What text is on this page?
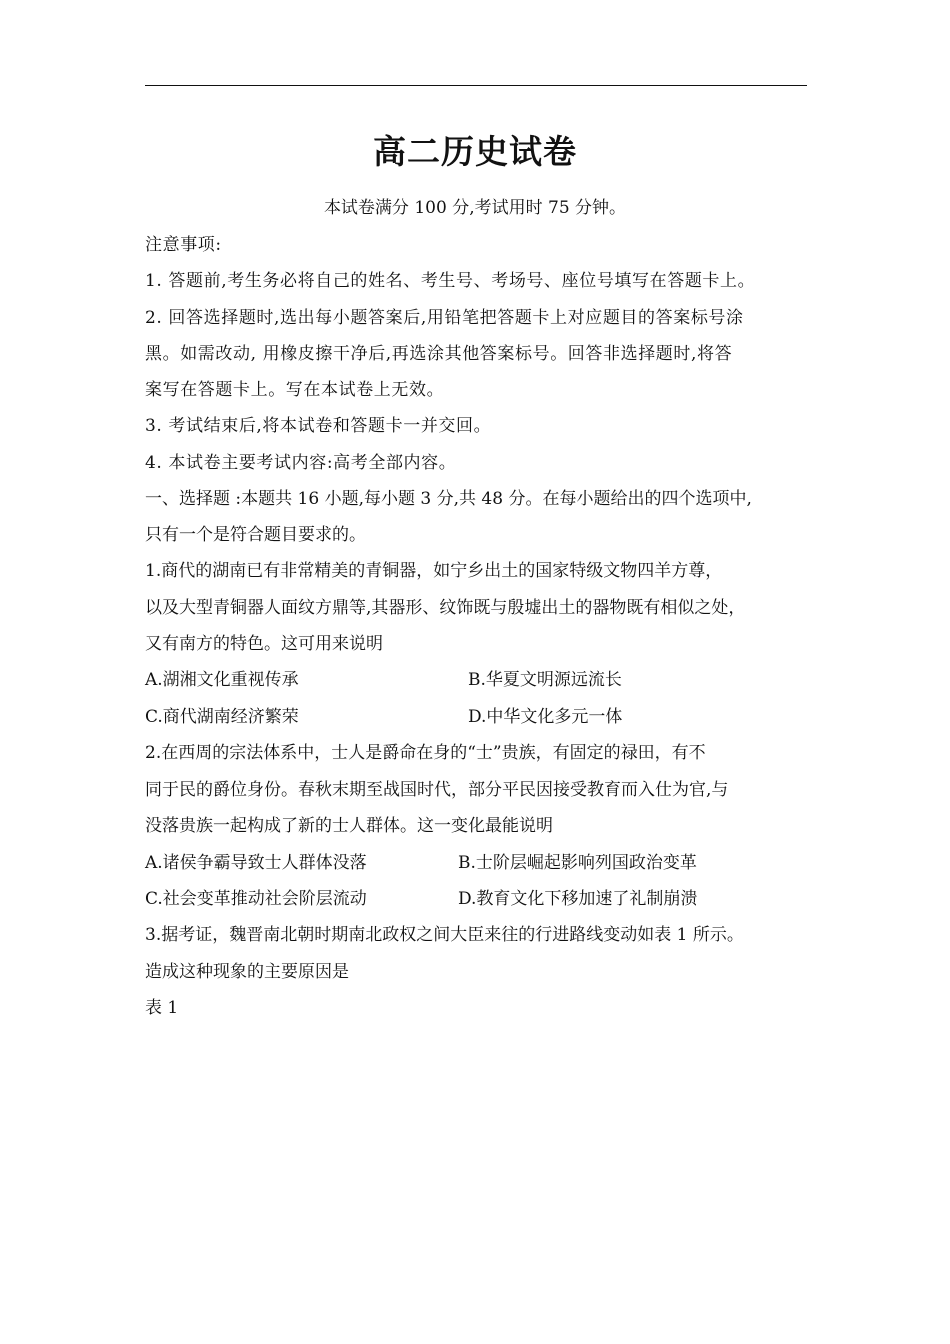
高二历史试卷
本试卷满分 100 分,考试用时 75 分钟。
注意事项:
1. 答题前,考生务必将自己的姓名、考生号、考场号、座位号填写在答题卡上。
2. 回答选择题时,选出每小题答案后,用铅笔把答题卡上对应题目的答案标号涂
黑。如需改动, 用橡皮擦干净后,再选涂其他答案标号。回答非选择题时,将答
案写在答题卡上。写在本试卷上无效。
3. 考试结束后,将本试卷和答题卡一并交回。
4. 本试卷主要考试内容:高考全部内容。
一、选择题 :本题共 16 小题,每小题 3 分,共 48 分。在每小题给出的四个选项中,
只有一个是符合题目要求的。
1.商代的湖南已有非常精美的青铜器，如宁乡出土的国家特级文物四羊方尊，
以及大型青铜器人面纹方鼎等,其器形、纹饰既与殷墟出土的器物既有相似之处，
又有南方的特色。这可用来说明
A.湖湘文化重视传承	B.华夏文明源远流长
C.商代湖南经济繁荣	D.中华文化多元一体
2.在西周的宗法体系中，士人是爵命在身的“士”贵族，有固定的禄田，有不
同于民的爵位身份。春秋末期至战国时代，部分平民因接受教育而入仕为官,与
没落贵族一起构成了新的士人群体。这一变化最能说明
A.诸侯争霸导致士人群体没落	B.士阶层崛起影响列国政治变革
C.社会变革推动社会阶层流动	D.教育文化下移加速了礼制崩溃
3.据考证，魏晋南北朝时期南北政权之间大臣来往的行进路线变动如表 1 所示。
造成这种现象的主要原因是
表 1
